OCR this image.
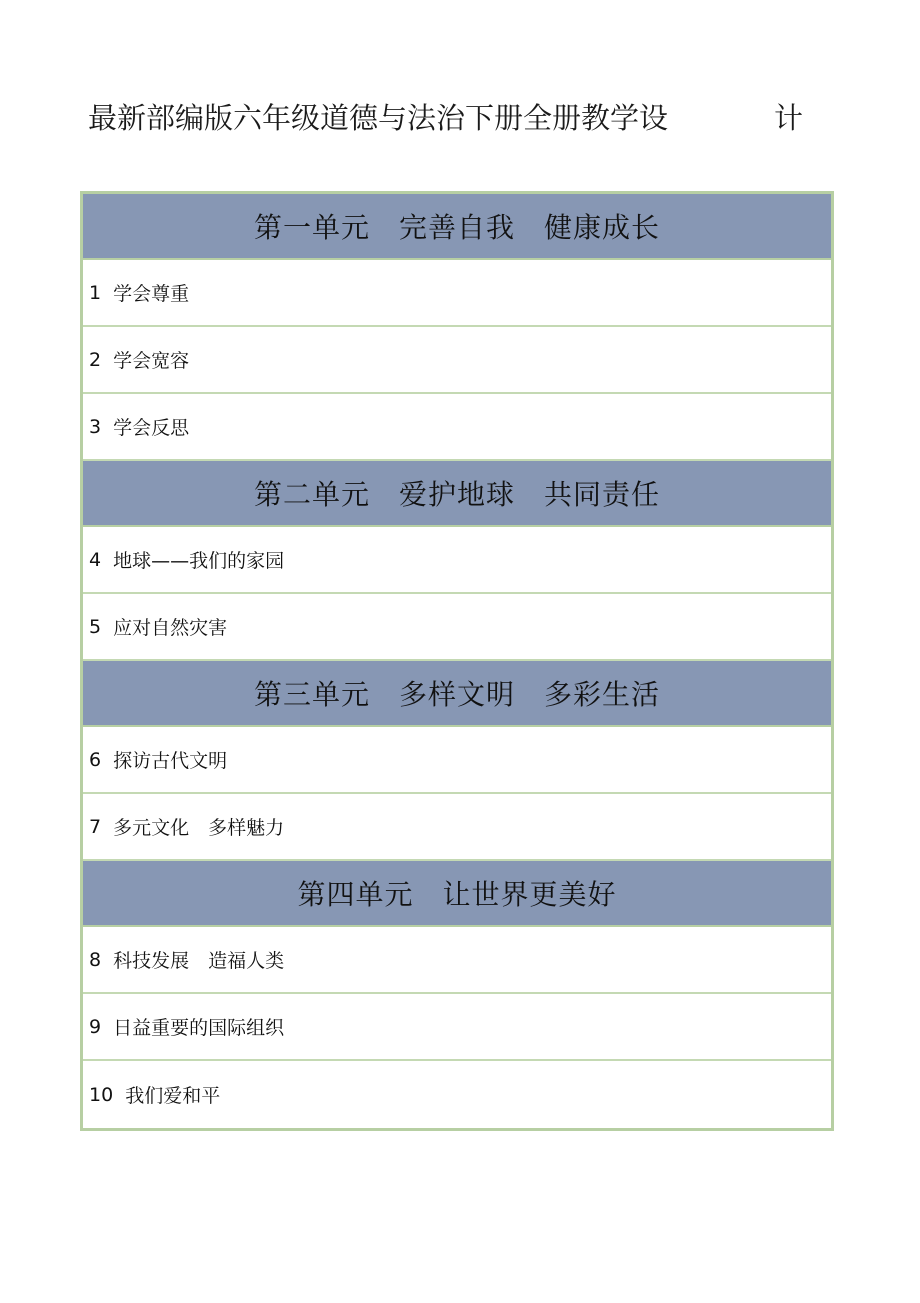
最新部编版六年级道德与法治下册全册教学设	计
第一单元　完善自我　健康成长
1 学会尊重
2 学会宽容
3 学会反思
第二单元　爱护地球　共同责任
4 地球——我们的家园
5 应对自然灾害
第三单元　多样文明　多彩生活
6 探访古代文明
7 多元文化　多样魅力
第四单元　让世界更美好
8 科技发展　造福人类
9 日益重要的国际组织
10 我们爱和平
